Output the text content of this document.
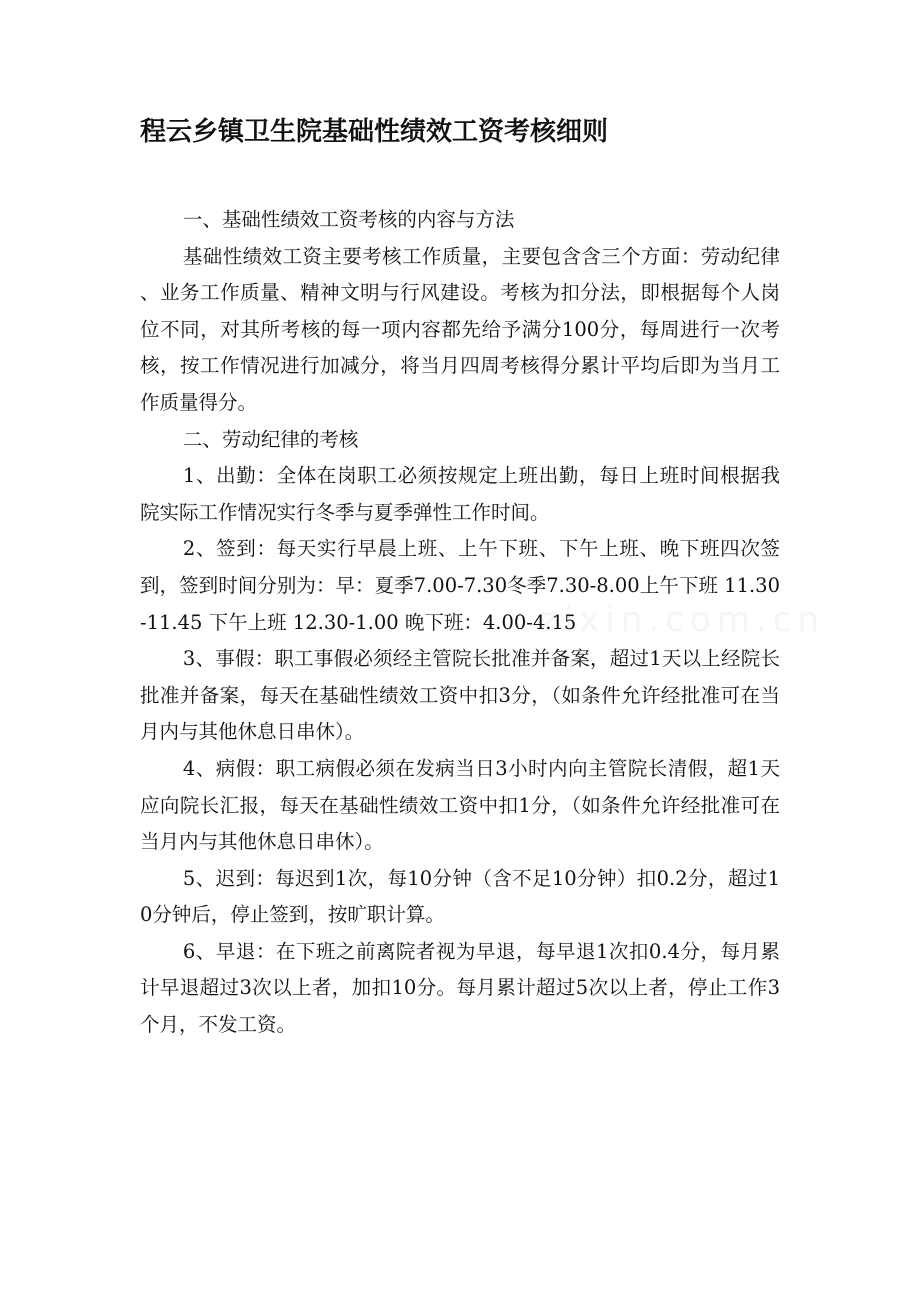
程云乡镇卫生院基础性绩效工资考核细则

一、基础性绩效工资考核的内容与方法

基础性绩效工资主要考核工作质量，主要包含含三个方面：劳动纪律、业务工作质量、精神文明与行风建设。考核为扣分法，即根据每个人岗位不同，对其所考核的每一项内容都先给予满分100分，每周进行一次考核，按工作情况进行加减分，将当月四周考核得分累计平均后即为当月工作质量得分。

二、劳动纪律的考核

1、出勤：全体在岗职工必须按规定上班出勤，每日上班时间根据我院实际工作情况实行冬季与夏季弹性工作时间。

2、签到：每天实行早晨上班、上午下班、下午上班、晚下班四次签到，签到时间分别为：早：夏季7.00-7.30冬季7.30-8.00上午下班 11.30-11.45 下午上班 12.30-1.00 晚下班：4.00-4.15

3、事假：职工事假必须经主管院长批准并备案，超过1天以上经院长批准并备案，每天在基础性绩效工资中扣3分，（如条件允许经批准可在当月内与其他休息日串休）。

4、病假：职工病假必须在发病当日3小时内向主管院长清假，超1天应向院长汇报，每天在基础性绩效工资中扣1分，（如条件允许经批准可在当月内与其他休息日串休）。

5、迟到：每迟到1次，每10分钟（含不足10分钟）扣0.2分，超过10分钟后，停止签到，按旷职计算。

6、早退：在下班之前离院者视为早退，每早退1次扣0.4分，每月累计早退超过3次以上者，加扣10分。每月累计超过5次以上者，停止工作3个月，不发工资。

zixin.com.cn
